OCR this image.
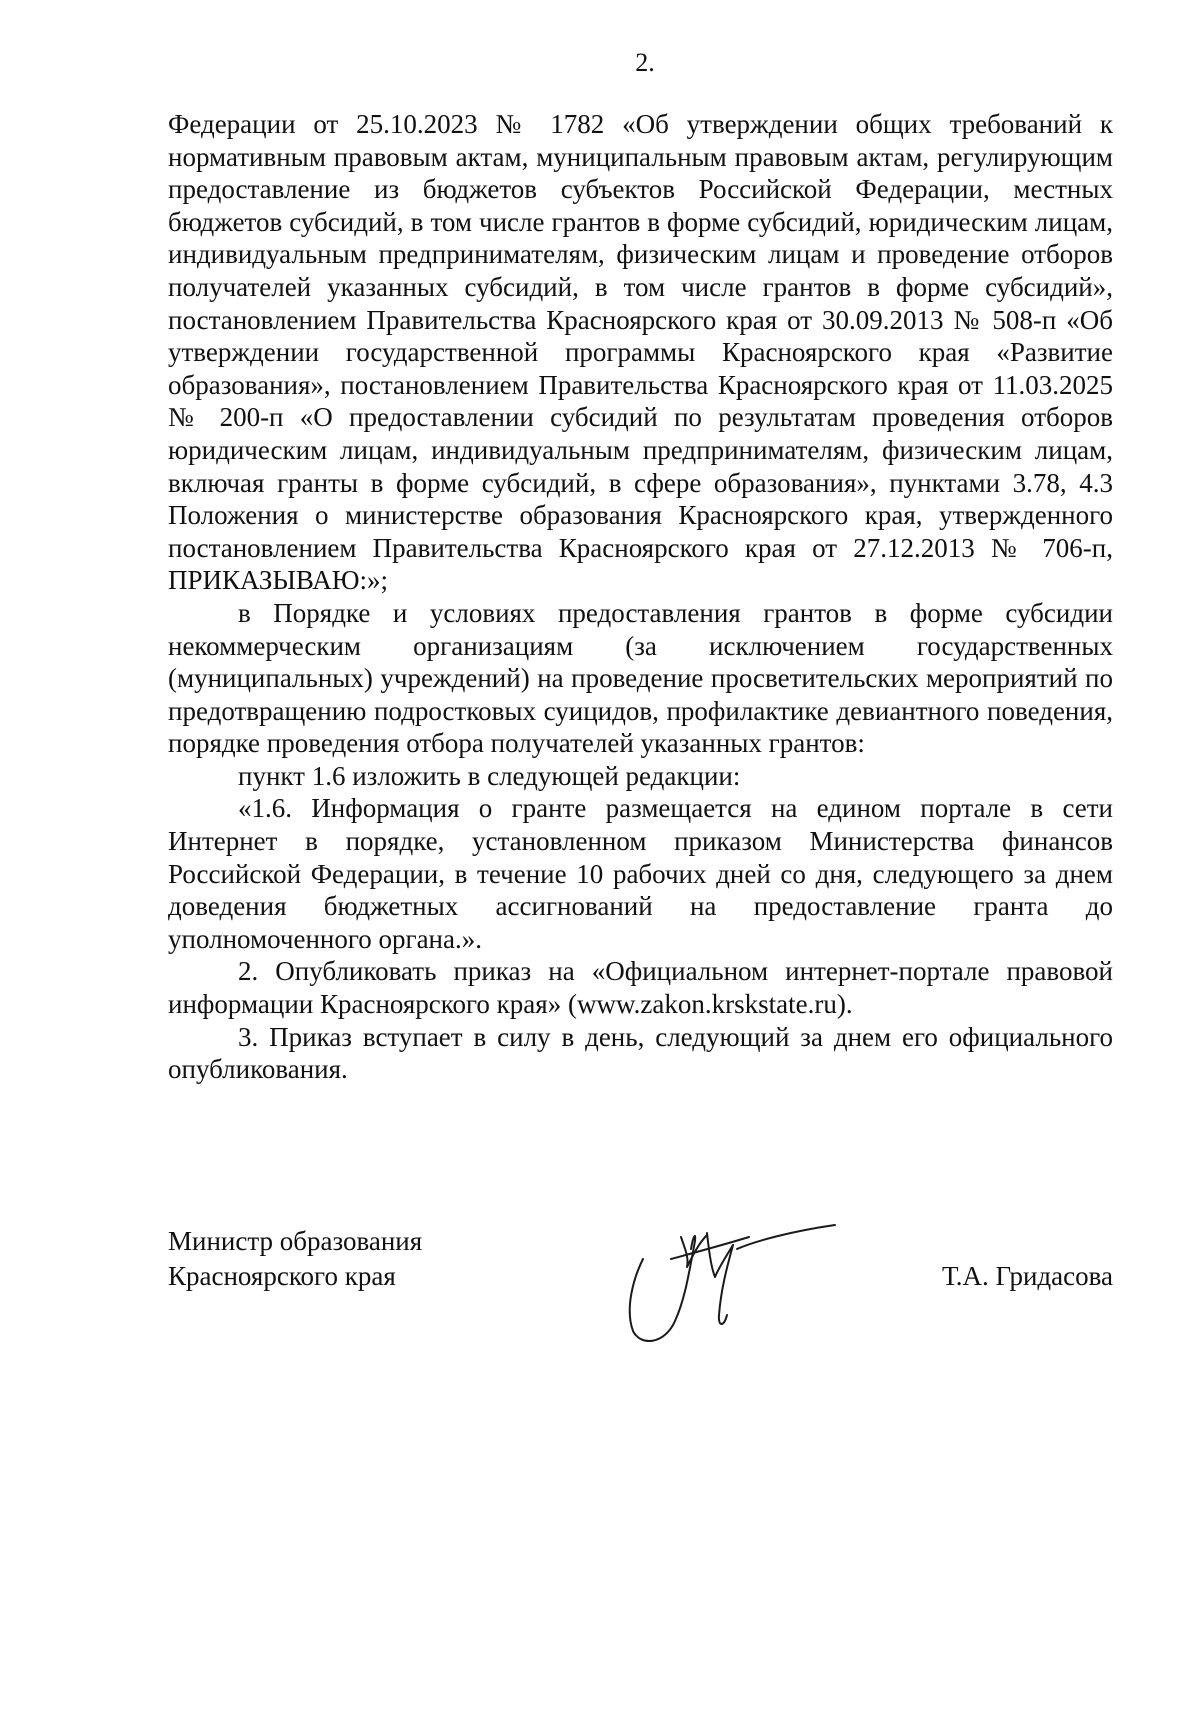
2.

Федерации от 25.10.2023 № 1782 «Об утверждении общих требований к нормативным правовым актам, муниципальным правовым актам, регулирующим предоставление из бюджетов субъектов Российской Федерации, местных бюджетов субсидий, в том числе грантов в форме субсидий, юридическим лицам, индивидуальным предпринимателям, физическим лицам и проведение отборов получателей указанных субсидий, в том числе грантов в форме субсидий», постановлением Правительства Красноярского края от 30.09.2013 № 508-п «Об утверждении государственной программы Красноярского края «Развитие образования», постановлением Правительства Красноярского края от 11.03.2025 № 200-п «О предоставлении субсидий по результатам проведения отборов юридическим лицам, индивидуальным предпринимателям, физическим лицам, включая гранты в форме субсидий, в сфере образования», пунктами 3.78, 4.3 Положения о министерстве образования Красноярского края, утвержденного постановлением Правительства Красноярского края от 27.12.2013 № 706-п, ПРИКАЗЫВАЮ:»;

в Порядке и условиях предоставления грантов в форме субсидии некоммерческим организациям (за исключением государственных (муниципальных) учреждений) на проведение просветительских мероприятий по предотвращению подростковых суицидов, профилактике девиантного поведения, порядке проведения отбора получателей указанных грантов:

пункт 1.6 изложить в следующей редакции:

«1.6. Информация о гранте размещается на едином портале в сети Интернет в порядке, установленном приказом Министерства финансов Российской Федерации, в течение 10 рабочих дней со дня, следующего за днем доведения бюджетных ассигнований на предоставление гранта до уполномоченного органа.».

2. Опубликовать приказ на «Официальном интернет-портале правовой информации Красноярского края» (www.zakon.krskstate.ru).

3. Приказ вступает в силу в день, следующий за днем его официального опубликования.

Министр образования
Красноярского края	Т.А. Гридасова
